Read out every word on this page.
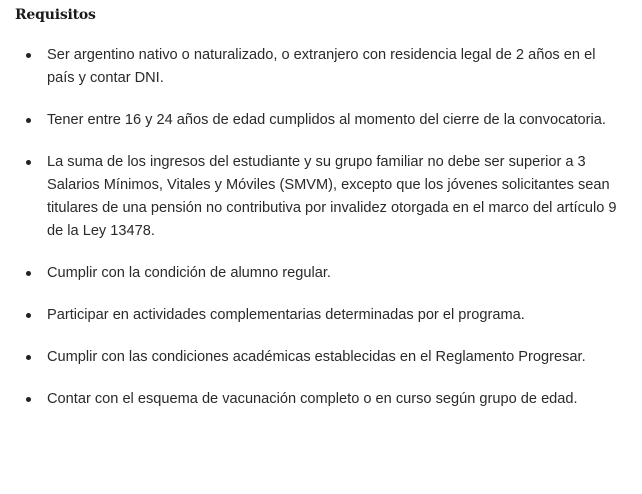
Requisitos
Ser argentino nativo o naturalizado, o extranjero con residencia legal de 2 años en el país y contar DNI.
Tener entre 16 y 24 años de edad cumplidos al momento del cierre de la convocatoria.
La suma de los ingresos del estudiante y su grupo familiar no debe ser superior a 3 Salarios Mínimos, Vitales y Móviles (SMVM), excepto que los jóvenes solicitantes sean titulares de una pensión no contributiva por invalidez otorgada en el marco del artículo 9 de la Ley 13478.
Cumplir con la condición de alumno regular.
Participar en actividades complementarias determinadas por el programa.
Cumplir con las condiciones académicas establecidas en el Reglamento Progresar.
Contar con el esquema de vacunación completo o en curso según grupo de edad.
